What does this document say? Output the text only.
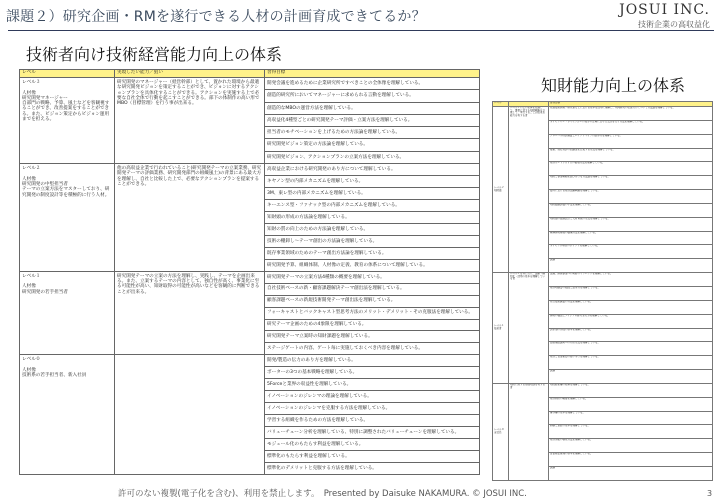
課題２）研究企画・RMを遂行できる人材の計画育成できてるか？	JOSUI INC.
技術企業の高収益化
技術者向け技術経営能力向上の体系
知財能力向上の体系
レベル	実現したい能力／狙い	習得目標
レベル３

人材像
研究開発マネージャー
自部門の戦略、予算、風土などを客観視することができ、改善提案をすることができる。また、ビジョン策定からビジョン運用までを担える。	研究開発のマネージャー（経営幹部）として、置かれた環境から最適な研究開発ビジョンを策定することができ、ビジョンに対するアクションプランを具体化することができる。アクションを実施する上で必要な自社全体で行動を起こすことができる。部下の体制作の高い形でMBO（目標管理）を行う事が出来る。	開発会議を進めるために企業研究所ですべきことの全体像を理解している。
		創造的研究所においてマネージャーに求められる言動を理解している。
		創造的なMBOの運営方法を理解している。
		高収益化4種型ごとの研究開発テーマ評価・立案方法を理解している。
		担当者のモチベーションを上げるための方法論を理解している。
		研究開発ビジョン策定の方法論を理解している。
		研究開発ビジョン、アクションプランの立案方法を理解している。
レベル２

人材像
研究開発の中堅担当者
テーマの立案方法をマスターしており、研究開発の制度設計等を積極的に行う人材。	他の高収益企業で行われていること(研究開発テーマの立案業務、研究開発テーマの評価業務、研究開発部門の組織風土)の背景にある最大方を理解し、自社と比較した上で、必要なアクションプランを提案することができる。	高収益企業における研究開発のあり方について理解している。
		キヤノン型の内部メカニズムを理解している。
		3M、東レ型の内部メカニズムを理解している。
		キーエンス型・ファナック型の内部メカニズムを理解している。
		知財頭の形成の方法論を理解している。
		知財の質の向上のための方法論を理解している。
		技術の棚卸し〜テーマ創出の方法論を理解している。
		既存事業領域のためのテーマ創出方法論を理解している。
		研究開発予算、組織体制、人材像の定義、教育の体系について理解している。
レベル１

人材像
研究開発の若手担当者	研究開発テーマの立案の方法を理解し、実践し、テーマを企画出来る。また、立案するテーマの内容として、独自性が高く、事業化に至る可能性が高い、知財取得の可能性が高いなどを客観的に判断できることが出来る。	研究開発テーマの立案方法4種類の概要を理解している。
		自社技術ベースの新・顧客課題解決テーマ創出法を理解している。
		顧客課題ベースの新規技術開発テーマ創出法を理解している。
		フォーキャストとバックキャスト型思考方法のメリット・デメリット・その克服法を理解している。
		研究テーマ企画のための4象限を理解している。
		研究開発テーマ立案時の知財課題を理解している。
		ステージゲートの内容、ゲート毎に実施しておくべき内容を理解している。
レベル０

人材像
技術系の若手担当者、新入社員		開発/製造の伝力のあり方を理解している。
		ポーターの3つの基本戦略を理解している。
		5Forceと業界の収益性を理解している。
		イノベーションのジレンマの理論を理解している。
		イノベーションのジレンマを克服する方法を理解している。
		学習する組織を作るための方法を理解している。
		バリューチェーン分析を理解している、特別に調整されたバリューチェーンを理解している。
		モジュール化のもたらす利益を理解している。
		標準化のもたらす利益を理解している。
		標準化のデメリットと克服する方法を理解している。
レベル		習得目標

レベル２
知財部	レベル２の上の全体を把握して、事業に対する知財戦略を立案して、実行することが出来る能力を有する者	先端技術開発／研究室などにおける基本を活用に理解し、共同研究の位置付けについて方法論を理解している。
		ライセンサー・ライセンシーの双方の立場に立った交渉を行う方法を理解している。
		グローバル特許調査とパテントマップの読み方を理解している。
		侵害、他社特許の回避策を立案する方法を理解している。
		特許ポートフォリオの構築方法を理解している。
		知財と事業戦略を結び付ける方法論を理解している。
		海外における特許出願戦略を理解している。
		知財価値評価の手法を理解している。
		知財部の組織設計と人材育成の方法を理解している。
		職務発明規程の整備方法を理解している。
		ライセンス契約のポイントを理解している。
		試験

レベル１
技術者	レベル１を身に付け、出願・権利化・活用の基本を理解している者	企画、開発事業への知財のインパクトを理解している。
		特許明細書の構成と読み方を理解している。
		先行技術調査の方法を理解している。
		発明の抽出とアイデアの膨らませ方を理解している。
		請求項の作成の基本を理解している。
		拒絶理由通知への対応方法を理解している。
		特許と営業秘密の使い分けを理解している。
		試験

レベル０
全社員	知財に関する基礎知識を有する者	知的財産権の種類を理解している。
		特許制度の概要を理解している。
		著作権の基本を理解している。
		商標と意匠の基本を理解している。
		特許情報の検索方法を理解している。
		営業秘密管理の基本を理解している。
		試験
許可のない複製(電子化を含む)、利用を禁止します。　Presented by Daisuke NAKAMURA. © JOSUI INC.	3
